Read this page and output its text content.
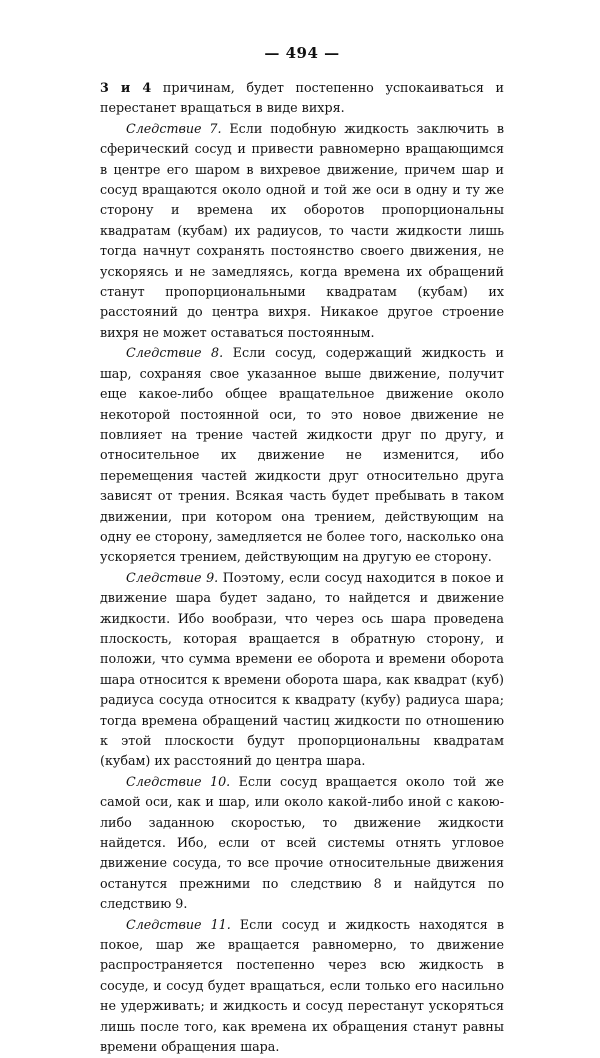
— 494 —

3 и 4 причинам, будет постепенно успокаиваться и перестанет вращаться в виде вихря.

Следствие 7. Если подобную жидкость заключить в сферический сосуд и привести равномерно вращающимся в центре его шаром в вихревое движение, причем шар и сосуд вращаются около одной и той же оси в одну и ту же сторону и времена их оборотов пропорциональны квадратам (кубам) их радиусов, то части жидкости лишь тогда начнут сохранять постоянство своего движения, не ускоряясь и не замедляясь, когда времена их обращений станут пропорциональными квадратам (кубам) их расстояний до центра вихря. Никакое другое строение вихря не может оставаться постоянным.

Следствие 8. Если сосуд, содержащий жидкость и шар, сохраняя свое указанное выше движение, получит еще какое-либо общее вращательное движение около некоторой постоянной оси, то это новое движение не повлияет на трение частей жидкости друг по другу, и относительное их движение не изменится, ибо перемещения частей жидкости друг относительно друга зависят от трения. Всякая часть будет пребывать в таком движении, при котором она трением, действующим на одну ее сторону, замедляется не более того, насколько она ускоряется трением, действующим на другую ее сторону.

Следствие 9. Поэтому, если сосуд находится в покое и движение шара будет задано, то найдется и движение жидкости. Ибо вообрази, что через ось шара проведена плоскость, которая вращается в обратную сторону, и положи, что сумма времени ее оборота и времени оборота шара относится к времени оборота шара, как квадрат (куб) радиуса сосуда относится к квадрату (кубу) радиуса шара; тогда времена обращений частиц жидкости по отношению к этой плоскости будут пропорциональны квадратам (кубам) их расстояний до центра шара.

Следствие 10. Если сосуд вращается около той же самой оси, как и шар, или около какой-либо иной с какою-либо заданною скоростью, то движение жидкости найдется. Ибо, если от всей системы отнять угловое движение сосуда, то все прочие относительные движения останутся прежними по следствию 8 и найдутся по следствию 9.

Следствие 11. Если сосуд и жидкость находятся в покое, шар же вращается равномерно, то движение распространяется постепенно через всю жидкость в сосуде, и сосуд будет вращаться, если только его насильно не удерживать; и жидкость и сосуд перестанут ускоряться лишь после того, как времена их обращения станут равны времени обращения шара.
